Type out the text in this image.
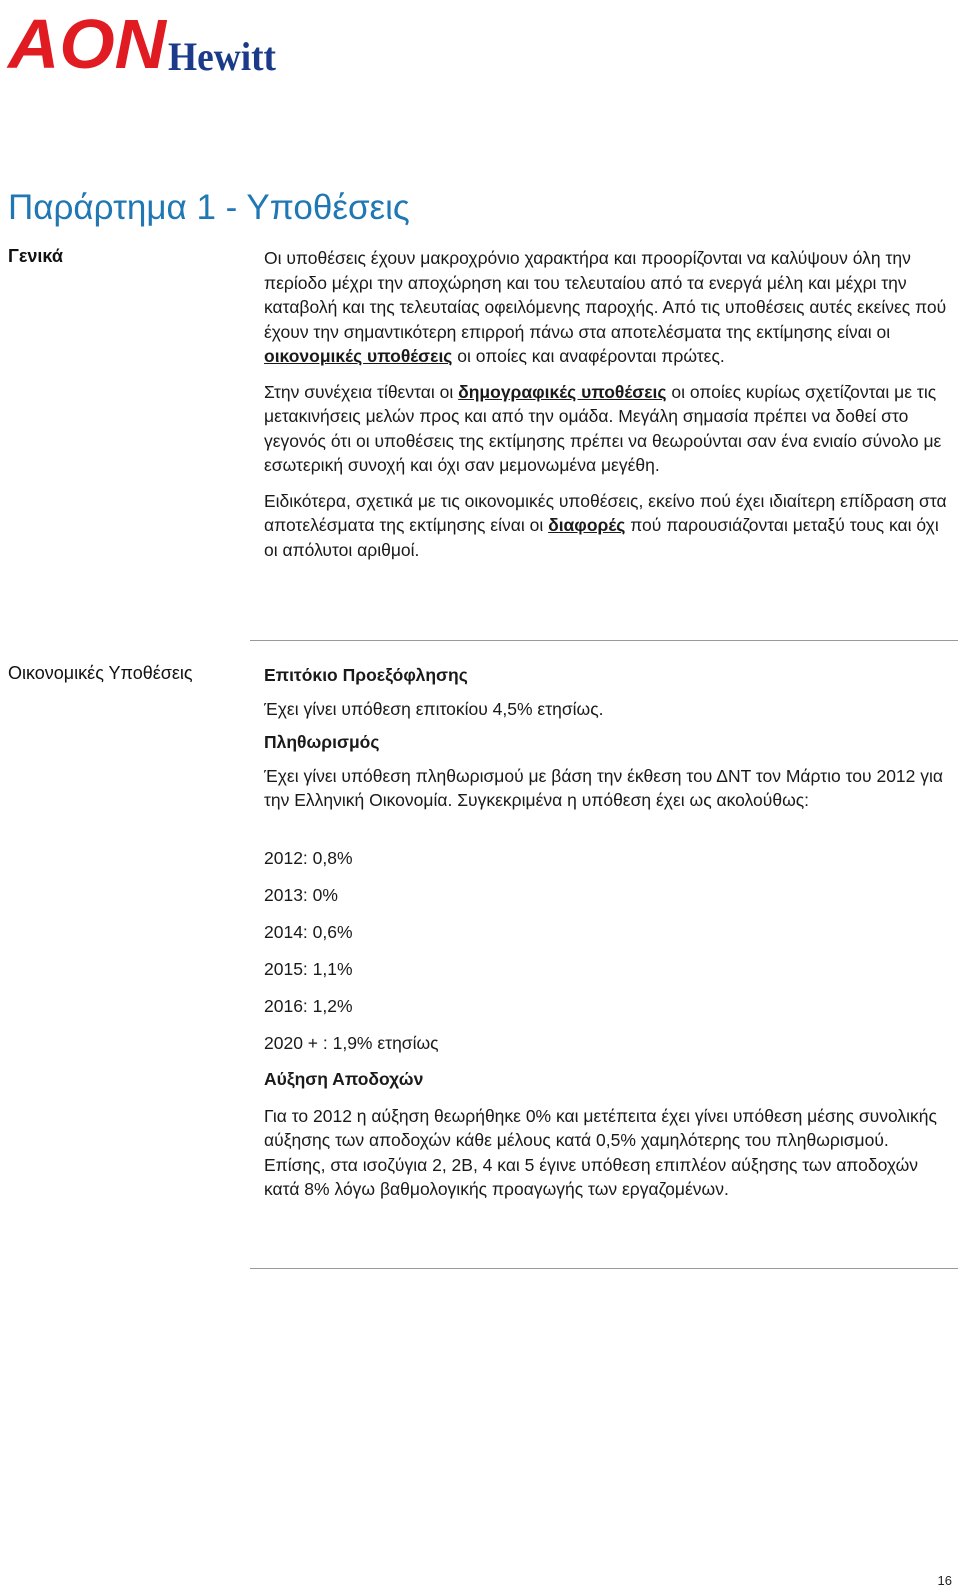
AON Hewitt
Παράρτημα 1 - Υποθέσεις
Γενικά	Οι υποθέσεις έχουν μακροχρόνιο χαρακτήρα και προορίζονται να καλύψουν όλη την περίοδο μέχρι την αποχώρηση και του τελευταίου από τα ενεργά μέλη και μέχρι την καταβολή και της τελευταίας οφειλόμενης παροχής. Από τις υποθέσεις αυτές εκείνες πού έχουν την σημαντικότερη επιρροή πάνω στα αποτελέσματα της εκτίμησης είναι οι οικονομικές υποθέσεις οι οποίες και αναφέρονται πρώτες.

Στην συνέχεια τίθενται οι δημογραφικές υποθέσεις οι οποίες κυρίως σχετίζονται με τις μετακινήσεις μελών προς και από την ομάδα. Μεγάλη σημασία πρέπει να δοθεί στο γεγονός ότι οι υποθέσεις της εκτίμησης πρέπει να θεωρούνται σαν ένα ενιαίο σύνολο με εσωτερική συνοχή και όχι σαν μεμονωμένα μεγέθη.

Ειδικότερα, σχετικά με τις οικονομικές υποθέσεις, εκείνο πού έχει ιδιαίτερη επίδραση στα αποτελέσματα της εκτίμησης είναι οι διαφορές πού παρουσιάζονται μεταξύ τους και όχι οι απόλυτοι αριθμοί.

Οικονομικές Υποθέσεις	Επιτόκιο Προεξόφλησης

Έχει γίνει υπόθεση επιτοκίου 4,5% ετησίως.

Πληθωρισμός

Έχει γίνει υπόθεση πληθωρισμού με βάση την έκθεση του ΔΝΤ τον Μάρτιο του 2012 για την Ελληνική Οικονομία. Συγκεκριμένα η υπόθεση έχει ως ακολούθως:

2012: 0,8%
2013: 0%
2014: 0,6%
2015: 1,1%
2016: 1,2%
2020 + : 1,9% ετησίως

Αύξηση Αποδοχών

Για το 2012 η αύξηση θεωρήθηκε 0% και μετέπειτα έχει γίνει υπόθεση μέσης συνολικής αύξησης των αποδοχών κάθε μέλους κατά 0,5% χαμηλότερης του πληθωρισμού.

Επίσης, στα ισοζύγια 2, 2Β, 4 και 5 έγινε υπόθεση επιπλέον αύξησης των αποδοχών κατά 8% λόγω βαθμολογικής προαγωγής των εργαζομένων.

16
